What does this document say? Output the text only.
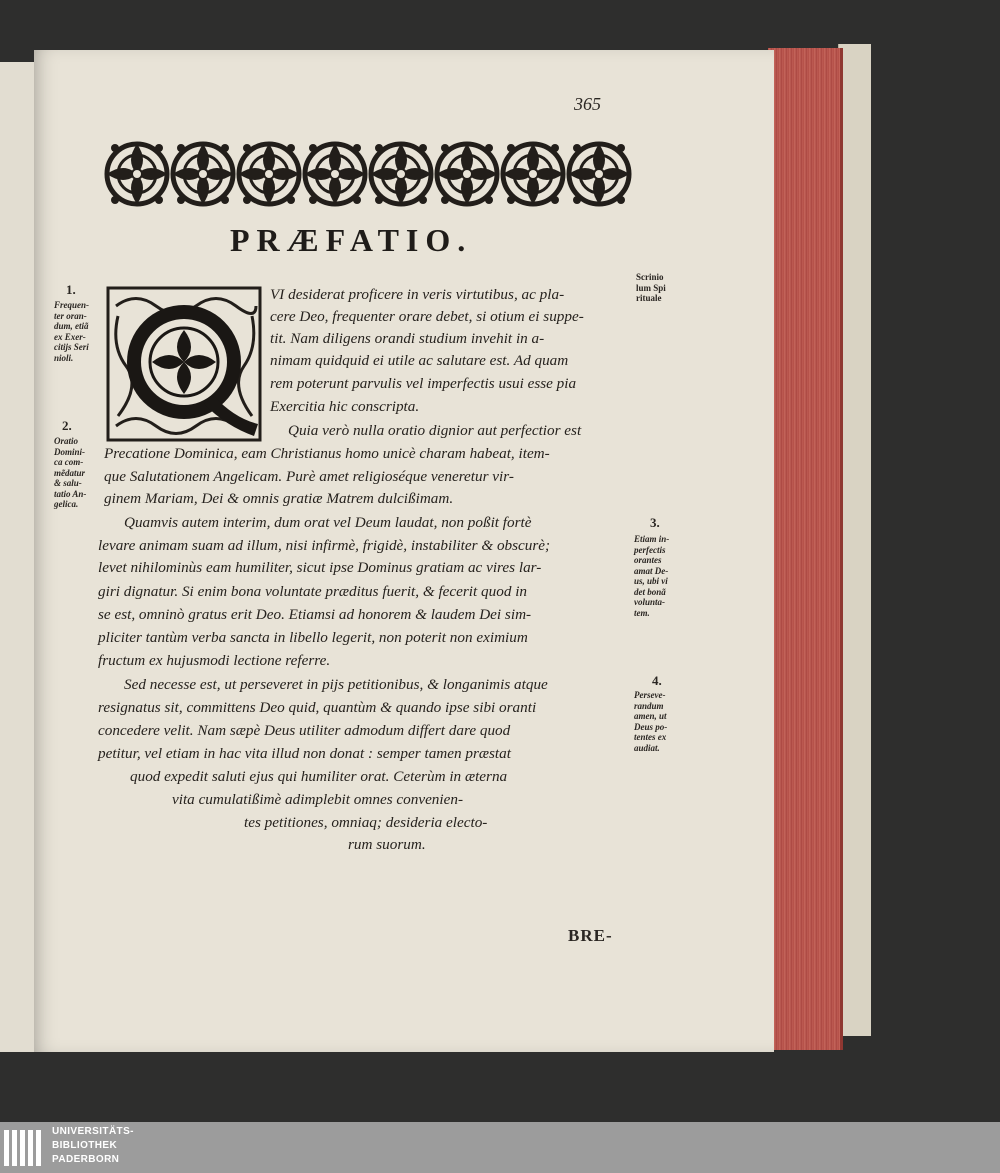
365
PRÆFATIO.
VI desiderat proficere in veris virtutibus, ac pla-
cere Deo, frequenter orare debet, si otium ei suppe-
tit. Nam diligens orandi studium invehit in a-
nimam quidquid ei utile ac salutare est. Ad quam
rem poterunt parvulis vel imperfectis usui esse pia
Exercitia hic conscripta.
Quia verò nulla oratio dignior aut perfectior est
Precatione Dominica, eam Christianus homo unicè charam habeat, item-
que Salutationem Angelicam. Purè amet religioséque veneretur vir-
ginem Mariam, Dei & omnis gratiæ Matrem dulcißimam.
Quamvis autem interim, dum orat vel Deum laudat, non poßit fortè
levare animam suam ad illum, nisi infirmè, frigidè, instabiliter & obscurè;
levet nihilominùs eam humiliter, sicut ipse Dominus gratiam ac vires lar-
giri dignatur. Si enim bona voluntate præditus fuerit, & fecerit quod in
se est, omninò gratus erit Deo. Etiamsi ad honorem & laudem Dei sim-
pliciter tantùm verba sancta in libello legerit, non poterit non eximium
fructum ex hujusmodi lectione referre.
Sed necesse est, ut perseveret in pijs petitionibus, & longanimis atque
resignatus sit, committens Deo quid, quantùm & quando ipse sibi oranti
concedere velit. Nam sæpè Deus utiliter admodum differt dare quod
petitur, vel etiam in hac vita illud non donat : semper tamen præstat
quod expedit saluti ejus qui humiliter orat. Ceterùm in æterna
vita cumulatißimè adimplebit omnes convenien-
tes petitiones, omniaq; desideria electo-
rum suorum.
1.
Frequen-
ter oran-
dum, etiã
ex Exer-
citijs Seri
nioli.
2.
Oratio
Domini-
ca com-
mẽdatur
& salu-
tatio An-
gelica.
Scrinio
lum Spi
rituale
3.
Etiam in-
perfectis
orantes
amat De-
us, ubi vi
det bonã
volunta-
tem.
4.
Perseve-
randum
amen, ut
Deus po-
tentes ex
audiat.
BRE-
UNIVERSITÄTS-
BIBLIOTHEK
PADERBORN
